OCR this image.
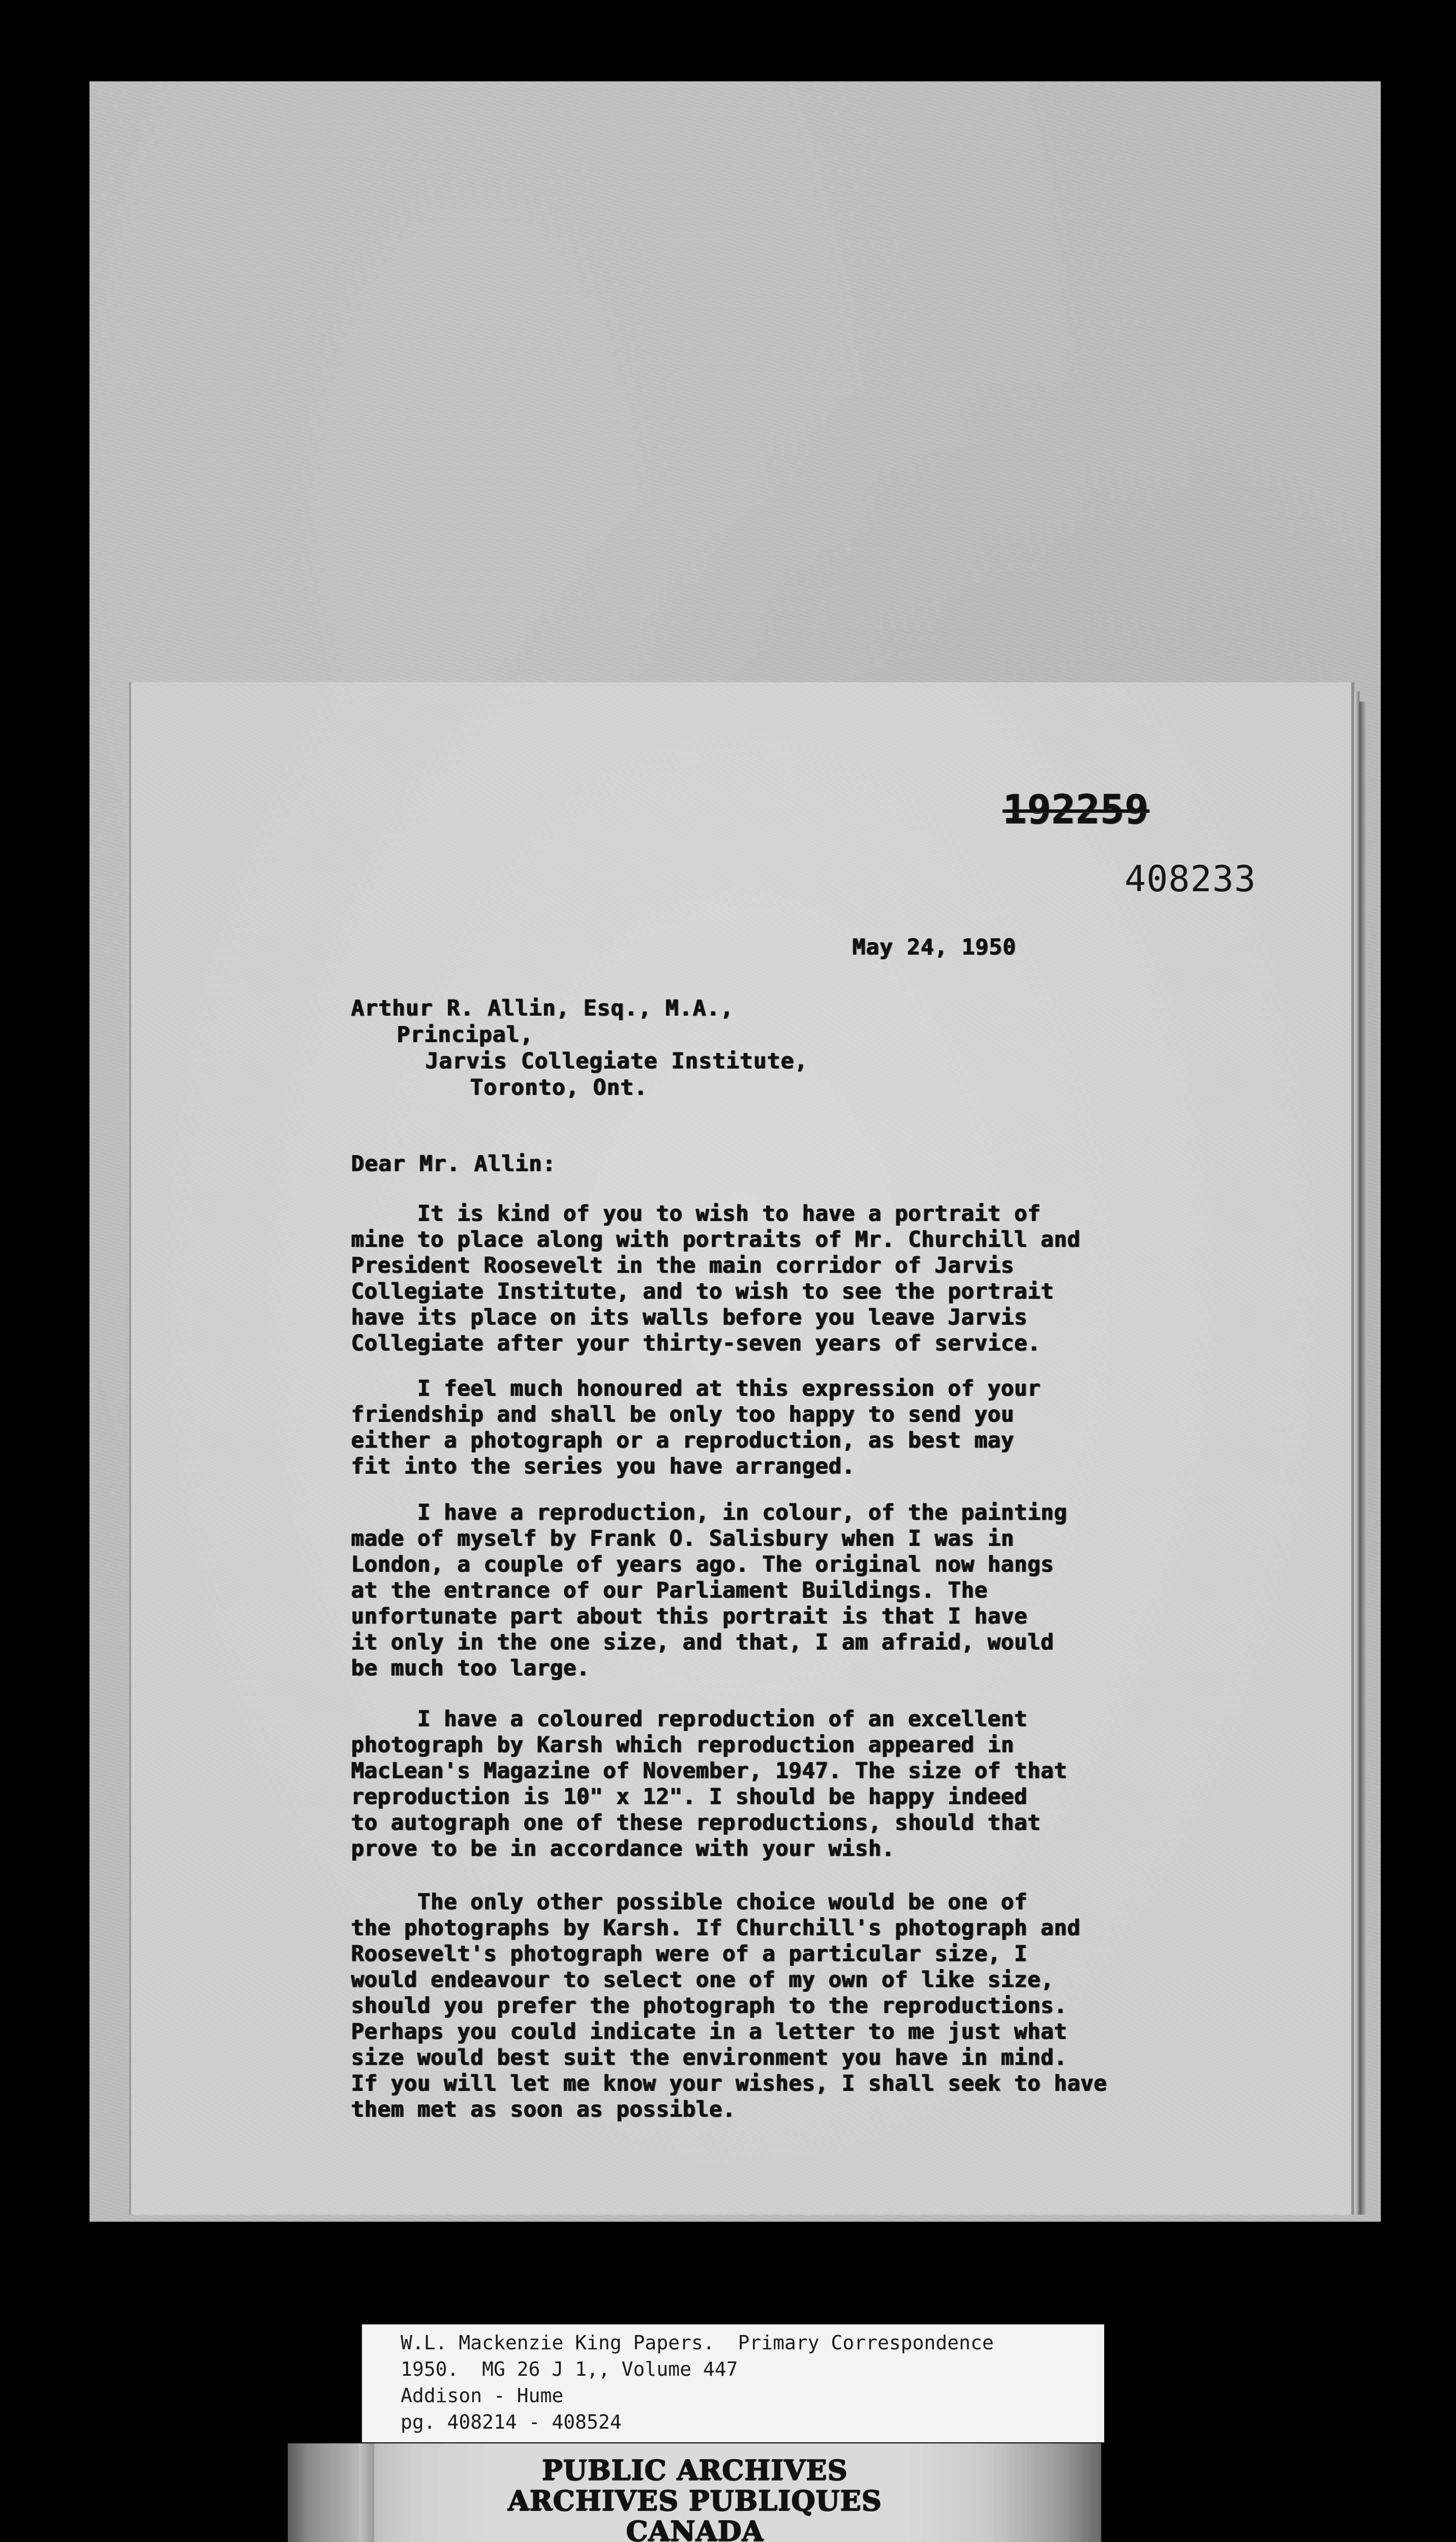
192259
408233
May 24, 1950
Arthur R. Allin, Esq., M.A.,
Principal,
Jarvis Collegiate Institute,
Toronto, Ont.
Dear Mr. Allin:
It is kind of you to wish to have a portrait of
mine to place along with portraits of Mr. Churchill and
President Roosevelt in the main corridor of Jarvis
Collegiate Institute, and to wish to see the portrait
have its place on its walls before you leave Jarvis
Collegiate after your thirty-seven years of service.
I feel much honoured at this expression of your
friendship and shall be only too happy to send you
either a photograph or a reproduction, as best may
fit into the series you have arranged.
I have a reproduction, in colour, of the painting
made of myself by Frank O. Salisbury when I was in
London, a couple of years ago. The original now hangs
at the entrance of our Parliament Buildings. The
unfortunate part about this portrait is that I have
it only in the one size, and that, I am afraid, would
be much too large.
I have a coloured reproduction of an excellent
photograph by Karsh which reproduction appeared in
MacLean's Magazine of November, 1947. The size of that
reproduction is 10" x 12". I should be happy indeed
to autograph one of these reproductions, should that
prove to be in accordance with your wish.
The only other possible choice would be one of
the photographs by Karsh. If Churchill's photograph and
Roosevelt's photograph were of a particular size, I
would endeavour to select one of my own of like size,
should you prefer the photograph to the reproductions.
Perhaps you could indicate in a letter to me just what
size would best suit the environment you have in mind.
If you will let me know your wishes, I shall seek to have
them met as soon as possible.
W.L. Mackenzie King Papers.  Primary Correspondence
1950.  MG 26 J 1,, Volume 447
Addison - Hume
pg. 408214 - 408524
PUBLIC ARCHIVES
ARCHIVES PUBLIQUES
CANADA
